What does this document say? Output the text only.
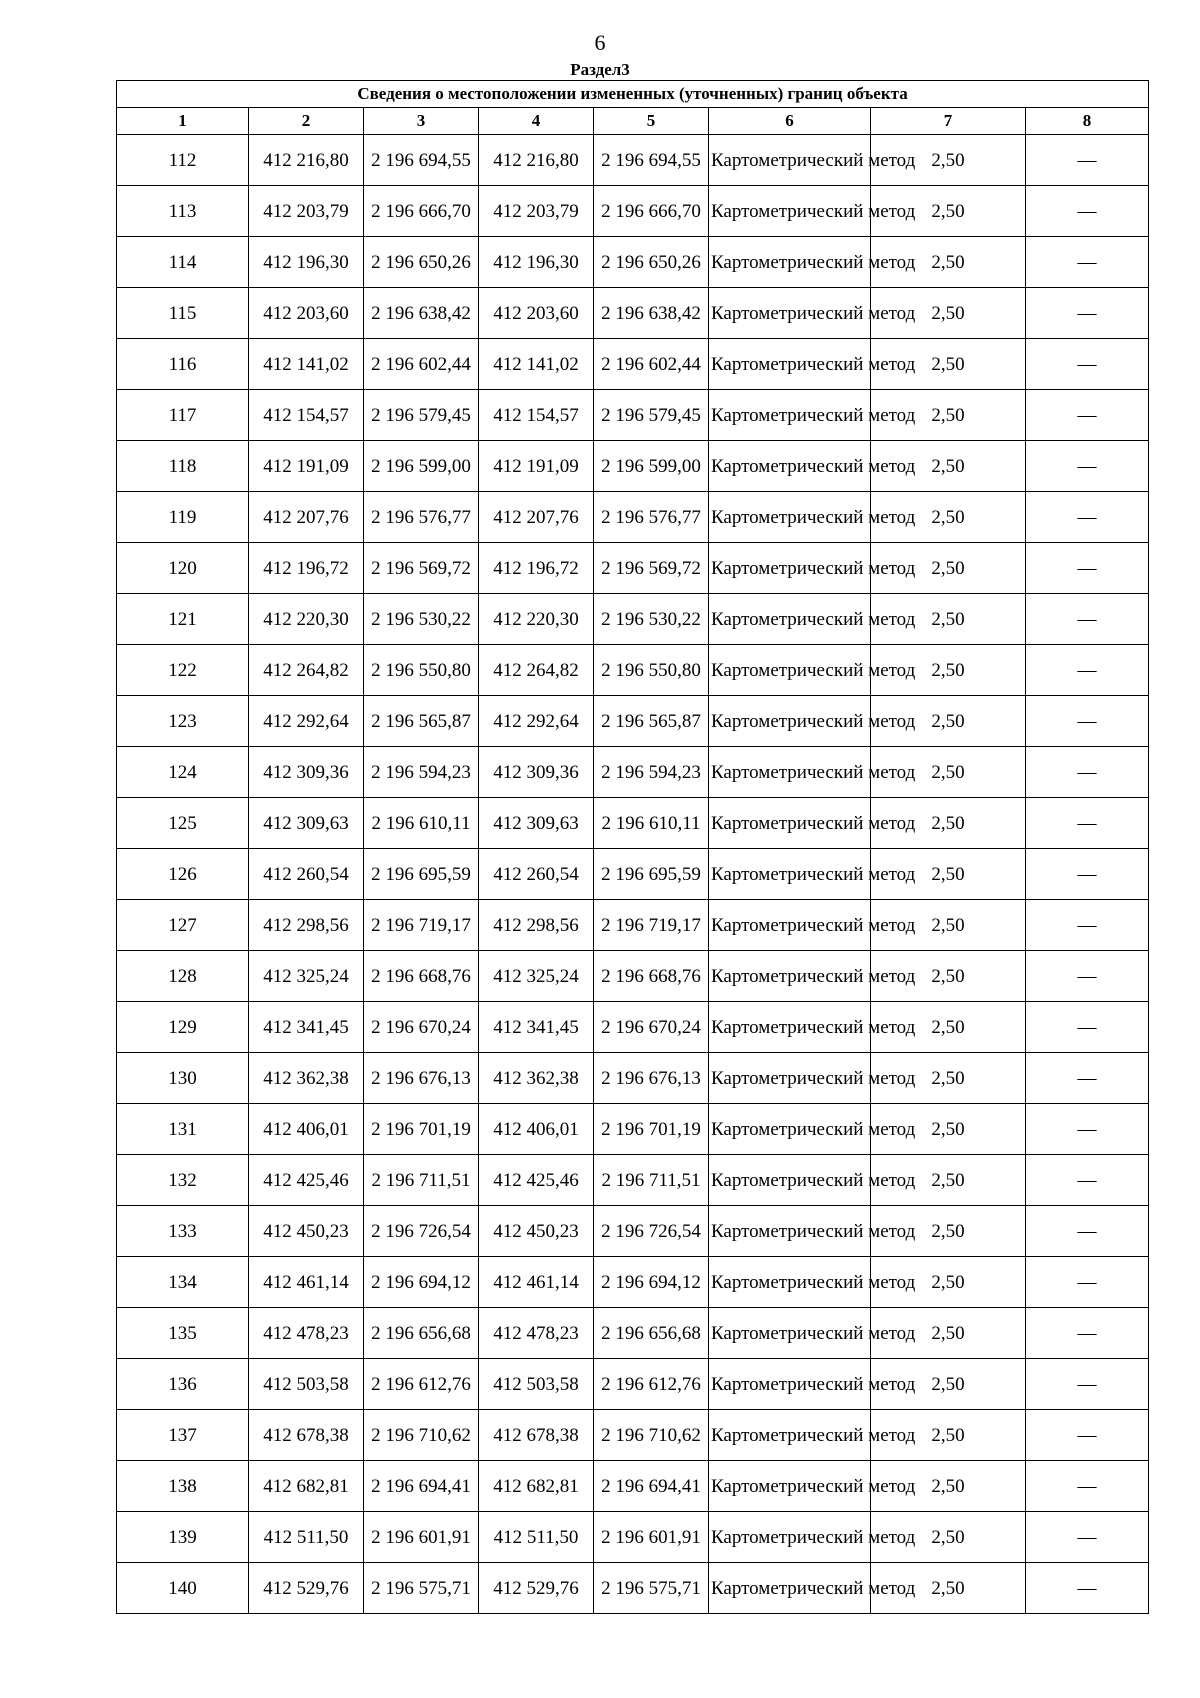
6
Раздел3
Сведения о местоположении измененных (уточненных) границ объекта							
1	2	3	4	5	6	7	8
112	412 216,80	2 196 694,55	412 216,80	2 196 694,55	Картометрический метод	2,50	—
113	412 203,79	2 196 666,70	412 203,79	2 196 666,70	Картометрический метод	2,50	—
114	412 196,30	2 196 650,26	412 196,30	2 196 650,26	Картометрический метод	2,50	—
115	412 203,60	2 196 638,42	412 203,60	2 196 638,42	Картометрический метод	2,50	—
116	412 141,02	2 196 602,44	412 141,02	2 196 602,44	Картометрический метод	2,50	—
117	412 154,57	2 196 579,45	412 154,57	2 196 579,45	Картометрический метод	2,50	—
118	412 191,09	2 196 599,00	412 191,09	2 196 599,00	Картометрический метод	2,50	—
119	412 207,76	2 196 576,77	412 207,76	2 196 576,77	Картометрический метод	2,50	—
120	412 196,72	2 196 569,72	412 196,72	2 196 569,72	Картометрический метод	2,50	—
121	412 220,30	2 196 530,22	412 220,30	2 196 530,22	Картометрический метод	2,50	—
122	412 264,82	2 196 550,80	412 264,82	2 196 550,80	Картометрический метод	2,50	—
123	412 292,64	2 196 565,87	412 292,64	2 196 565,87	Картометрический метод	2,50	—
124	412 309,36	2 196 594,23	412 309,36	2 196 594,23	Картометрический метод	2,50	—
125	412 309,63	2 196 610,11	412 309,63	2 196 610,11	Картометрический метод	2,50	—
126	412 260,54	2 196 695,59	412 260,54	2 196 695,59	Картометрический метод	2,50	—
127	412 298,56	2 196 719,17	412 298,56	2 196 719,17	Картометрический метод	2,50	—
128	412 325,24	2 196 668,76	412 325,24	2 196 668,76	Картометрический метод	2,50	—
129	412 341,45	2 196 670,24	412 341,45	2 196 670,24	Картометрический метод	2,50	—
130	412 362,38	2 196 676,13	412 362,38	2 196 676,13	Картометрический метод	2,50	—
131	412 406,01	2 196 701,19	412 406,01	2 196 701,19	Картометрический метод	2,50	—
132	412 425,46	2 196 711,51	412 425,46	2 196 711,51	Картометрический метод	2,50	—
133	412 450,23	2 196 726,54	412 450,23	2 196 726,54	Картометрический метод	2,50	—
134	412 461,14	2 196 694,12	412 461,14	2 196 694,12	Картометрический метод	2,50	—
135	412 478,23	2 196 656,68	412 478,23	2 196 656,68	Картометрический метод	2,50	—
136	412 503,58	2 196 612,76	412 503,58	2 196 612,76	Картометрический метод	2,50	—
137	412 678,38	2 196 710,62	412 678,38	2 196 710,62	Картометрический метод	2,50	—
138	412 682,81	2 196 694,41	412 682,81	2 196 694,41	Картометрический метод	2,50	—
139	412 511,50	2 196 601,91	412 511,50	2 196 601,91	Картометрический метод	2,50	—
140	412 529,76	2 196 575,71	412 529,76	2 196 575,71	Картометрический метод	2,50	—
